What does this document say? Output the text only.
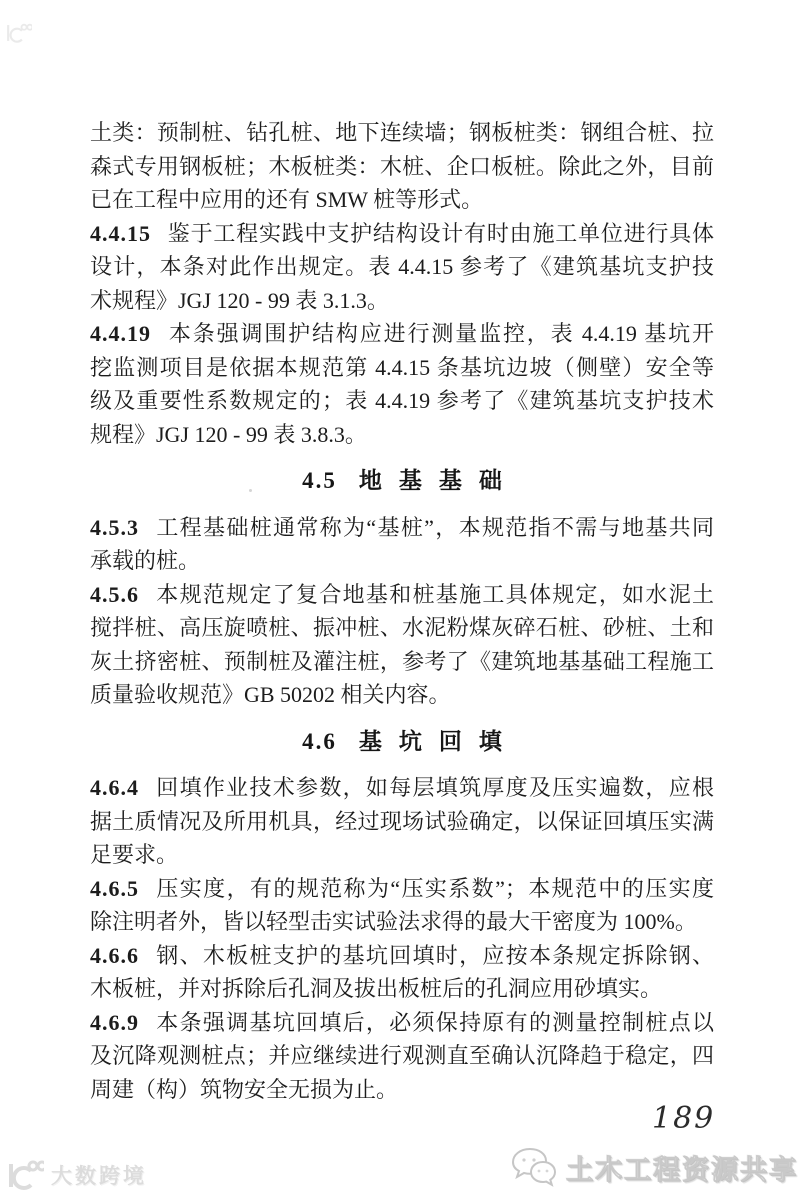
土类：预制桩、钻孔桩、地下连续墙；钢板桩类：钢组合桩、拉
森式专用钢板桩；木板桩类：木桩、企口板桩。除此之外，目前
已在工程中应用的还有 SMW 桩等形式。
4.4.15 鉴于工程实践中支护结构设计有时由施工单位进行具体
设计，本条对此作出规定。表 4.4.15 参考了《建筑基坑支护技
术规程》JGJ 120 - 99 表 3.1.3。
4.4.19 本条强调围护结构应进行测量监控，表 4.4.19 基坑开
挖监测项目是依据本规范第 4.4.15 条基坑边坡（侧壁）安全等
级及重要性系数规定的；表 4.4.19 参考了《建筑基坑支护技术
规程》JGJ 120 - 99 表 3.8.3。
4.5 地基基础
4.5.3 工程基础桩通常称为“基桩”，本规范指不需与地基共同
承载的桩。
4.5.6 本规范规定了复合地基和桩基施工具体规定，如水泥土
搅拌桩、高压旋喷桩、振冲桩、水泥粉煤灰碎石桩、砂桩、土和
灰土挤密桩、预制桩及灌注桩，参考了《建筑地基基础工程施工
质量验收规范》GB 50202 相关内容。
4.6 基坑回填
4.6.4 回填作业技术参数，如每层填筑厚度及压实遍数，应根
据土质情况及所用机具，经过现场试验确定，以保证回填压实满
足要求。
4.6.5 压实度，有的规范称为“压实系数”；本规范中的压实度
除注明者外，皆以轻型击实试验法求得的最大干密度为 100%。
4.6.6 钢、木板桩支护的基坑回填时，应按本条规定拆除钢、
木板桩，并对拆除后孔洞及拔出板桩后的孔洞应用砂填实。
4.6.9 本条强调基坑回填后，必须保持原有的测量控制桩点以
及沉降观测桩点；并应继续进行观测直至确认沉降趋于稳定，四
周建（构）筑物安全无损为止。
189
土木工程资源共享
大数跨境
